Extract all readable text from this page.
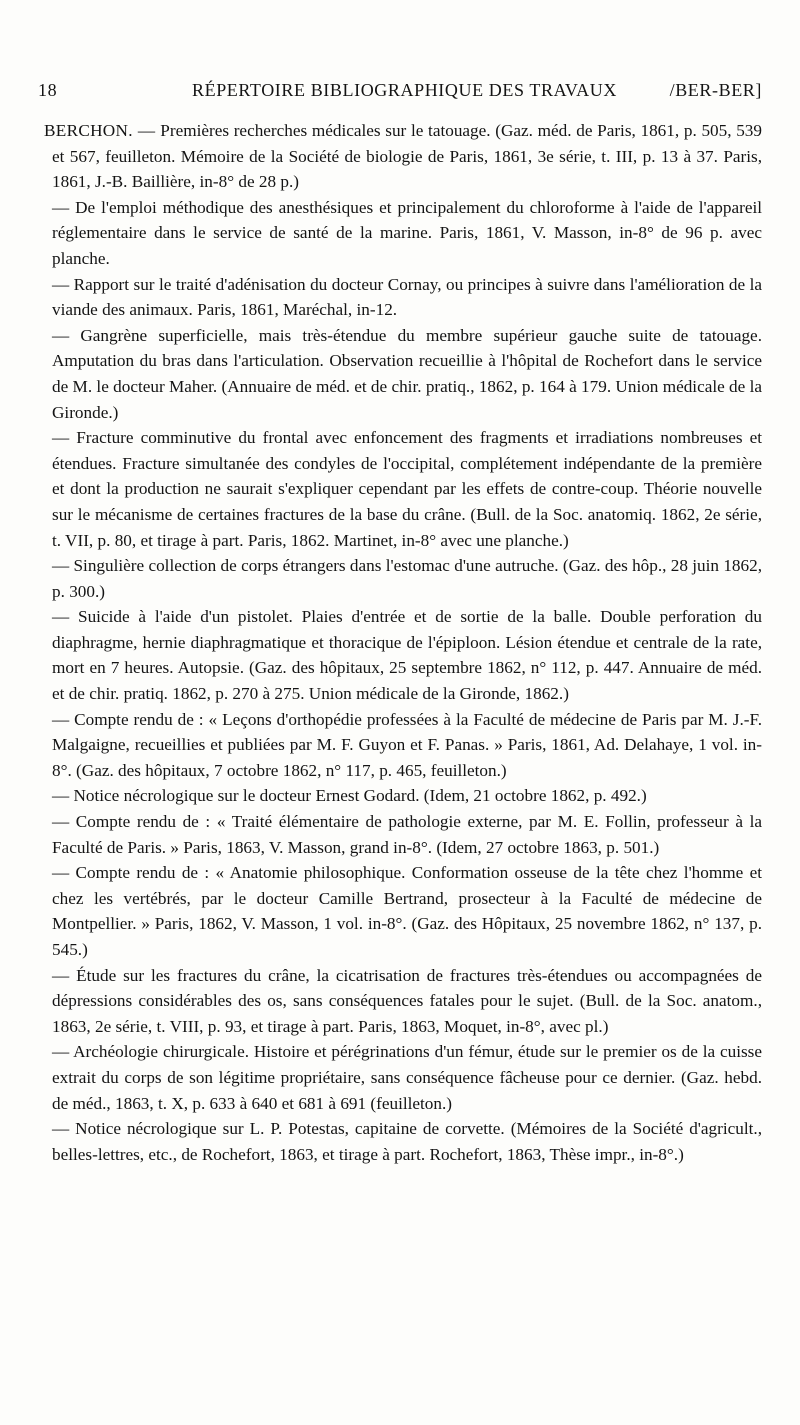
18	RÉPERTOIRE BIBLIOGRAPHIQUE DES TRAVAUX	/BER-BER]

BERCHON. — Premières recherches médicales sur le tatouage. (Gaz. méd. de Paris, 1861, p. 505, 539 et 567, feuilleton. Mémoire de la Société de biologie de Paris, 1861, 3e série, t. III, p. 13 à 37. Paris, 1861, J.-B. Baillière, in-8° de 28 p.)

— De l'emploi méthodique des anesthésiques et principalement du chloroforme à l'aide de l'appareil réglementaire dans le service de santé de la marine. Paris, 1861, V. Masson, in-8° de 96 p. avec planche.

— Rapport sur le traité d'adénisation du docteur Cornay, ou principes à suivre dans l'amélioration de la viande des animaux. Paris, 1861, Maréchal, in-12.

— Gangrène superficielle, mais très-étendue du membre supérieur gauche suite de tatouage. Amputation du bras dans l'articulation. Observation recueillie à l'hôpital de Rochefort dans le service de M. le docteur Maher. (Annuaire de méd. et de chir. pratiq., 1862, p. 164 à 179. Union médicale de la Gironde.)

— Fracture comminutive du frontal avec enfoncement des fragments et irradiations nombreuses et étendues. Fracture simultanée des condyles de l'occipital, complétement indépendante de la première et dont la production ne saurait s'expliquer cependant par les effets de contre-coup. Théorie nouvelle sur le mécanisme de certaines fractures de la base du crâne. (Bull. de la Soc. anatomiq. 1862, 2e série, t. VII, p. 80, et tirage à part. Paris, 1862. Martinet, in-8° avec une planche.)

— Singulière collection de corps étrangers dans l'estomac d'une autruche. (Gaz. des hôp., 28 juin 1862, p. 300.)

— Suicide à l'aide d'un pistolet. Plaies d'entrée et de sortie de la balle. Double perforation du diaphragme, hernie diaphragmatique et thoracique de l'épiploon. Lésion étendue et centrale de la rate, mort en 7 heures. Autopsie. (Gaz. des hôpitaux, 25 septembre 1862, n° 112, p. 447. Annuaire de méd. et de chir. pratiq. 1862, p. 270 à 275. Union médicale de la Gironde, 1862.)

— Compte rendu de : « Leçons d'orthopédie professées à la Faculté de médecine de Paris par M. J.-F. Malgaigne, recueillies et publiées par M. F. Guyon et F. Panas. » Paris, 1861, Ad. Delahaye, 1 vol. in-8°. (Gaz. des hôpitaux, 7 octobre 1862, n° 117, p. 465, feuilleton.)

— Notice nécrologique sur le docteur Ernest Godard. (Idem, 21 octobre 1862, p. 492.)

— Compte rendu de : « Traité élémentaire de pathologie externe, par M. E. Follin, professeur à la Faculté de Paris. » Paris, 1863, V. Masson, grand in-8°. (Idem, 27 octobre 1863, p. 501.)

— Compte rendu de : « Anatomie philosophique. Conformation osseuse de la tête chez l'homme et chez les vertébrés, par le docteur Camille Bertrand, prosecteur à la Faculté de médecine de Montpellier. » Paris, 1862, V. Masson, 1 vol. in-8°. (Gaz. des Hôpitaux, 25 novembre 1862, n° 137, p. 545.)

— Étude sur les fractures du crâne, la cicatrisation de fractures très-étendues ou accompagnées de dépressions considérables des os, sans conséquences fatales pour le sujet. (Bull. de la Soc. anatom., 1863, 2e série, t. VIII, p. 93, et tirage à part. Paris, 1863, Moquet, in-8°, avec pl.)

— Archéologie chirurgicale. Histoire et pérégrinations d'un fémur, étude sur le premier os de la cuisse extrait du corps de son légitime propriétaire, sans conséquence fâcheuse pour ce dernier. (Gaz. hebd. de méd., 1863, t. X, p. 633 à 640 et 681 à 691 (feuilleton.)

— Notice nécrologique sur L. P. Potestas, capitaine de corvette. (Mémoires de la Société d'agricult., belles-lettres, etc., de Rochefort, 1863, et tirage à part. Rochefort, 1863, Thèse impr., in-8°.)
